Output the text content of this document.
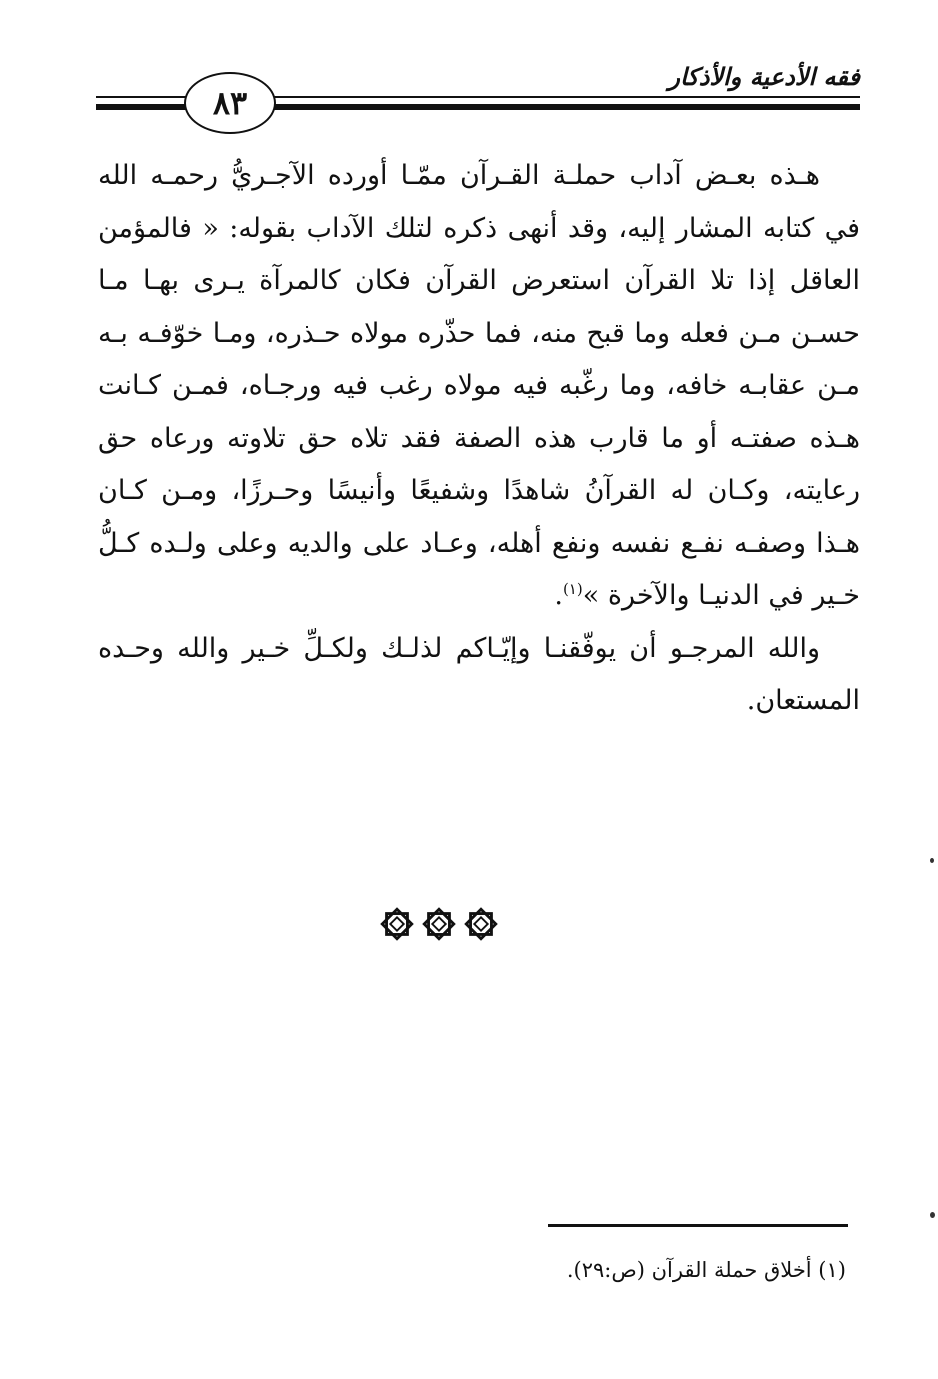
فقه الأدعية والأذكار
٨٣

هـذه بعـض آداب حملـة القـرآن ممّـا أورده الآجـريُّ رحمـه الله في كتابه المشار إليه، وقد أنهى ذكره لتلك الآداب بقوله: « فالمؤمن العاقل إذا تلا القرآن استعرض القرآن فكان كالمرآة يـرى بهـا مـا حسـن مـن فعله وما قبح منه، فما حذّره مولاه حـذره، ومـا خوّفـه بـه مـن عقابـه خافه، وما رغّبه فيه مولاه رغب فيه ورجـاه، فمـن كـانت هـذه صفتـه أو ما قارب هذه الصفة فقد تلاه حق تلاوته ورعاه حق رعايته، وكـان له القرآنُ شاهدًا وشفيعًا وأنيسًا وحـرزًا، ومـن كـان هـذا وصفـه نفـع نفسه ونفع أهله، وعـاد على والديه وعلى ولـده كـلُّ خـير في الدنيـا والآخرة »$^{(١)}$.

والله المرجـو أن يوفّقنـا وإيّـاكم لذلـك ولكـلِّ خـير والله وحـده المستعان.

(١) أخلاق حملة القرآن (ص:٢٩).
